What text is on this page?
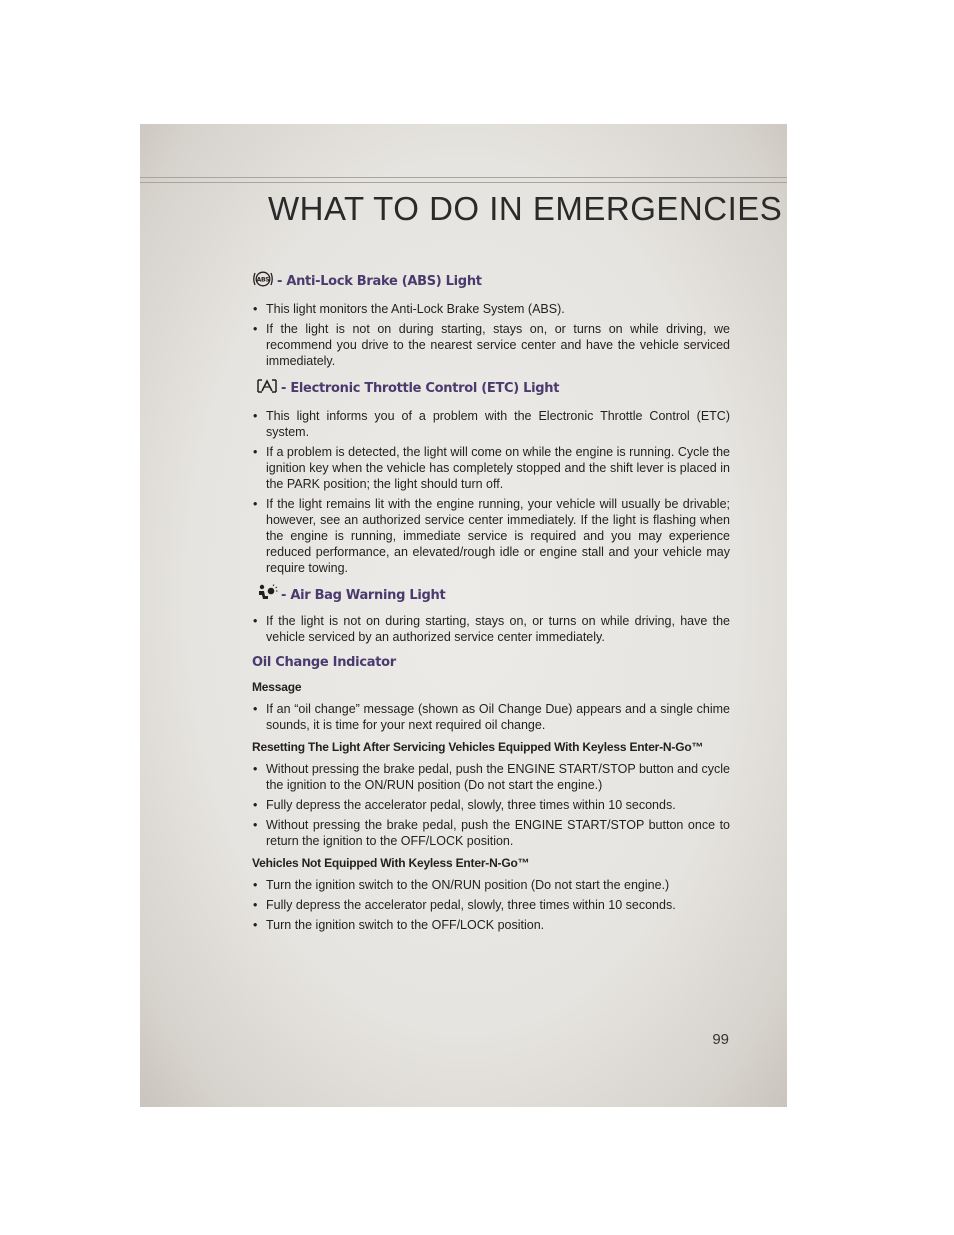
WHAT TO DO IN EMERGENCIES
ABS - Anti-Lock Brake (ABS) Light
• This light monitors the Anti-Lock Brake System (ABS).
• If the light is not on during starting, stays on, or turns on while driving, we recommend you drive to the nearest service center and have the vehicle serviced immediately.
- Electronic Throttle Control (ETC) Light
• This light informs you of a problem with the Electronic Throttle Control (ETC) system.
• If a problem is detected, the light will come on while the engine is running. Cycle the ignition key when the vehicle has completely stopped and the shift lever is placed in the PARK position; the light should turn off.
• If the light remains lit with the engine running, your vehicle will usually be drivable; however, see an authorized service center immediately. If the light is flashing when the engine is running, immediate service is required and you may experience reduced performance, an elevated/rough idle or engine stall and your vehicle may require towing.
- Air Bag Warning Light
• If the light is not on during starting, stays on, or turns on while driving, have the vehicle serviced by an authorized service center immediately.
Oil Change Indicator
Message
• If an “oil change” message (shown as Oil Change Due) appears and a single chime sounds, it is time for your next required oil change.
Resetting The Light After Servicing Vehicles Equipped With Keyless Enter-N-Go™
• Without pressing the brake pedal, push the ENGINE START/STOP button and cycle the ignition to the ON/RUN position (Do not start the engine.)
• Fully depress the accelerator pedal, slowly, three times within 10 seconds.
• Without pressing the brake pedal, push the ENGINE START/STOP button once to return the ignition to the OFF/LOCK position.
Vehicles Not Equipped With Keyless Enter-N-Go™
• Turn the ignition switch to the ON/RUN position (Do not start the engine.)
• Fully depress the accelerator pedal, slowly, three times within 10 seconds.
• Turn the ignition switch to the OFF/LOCK position.
99
